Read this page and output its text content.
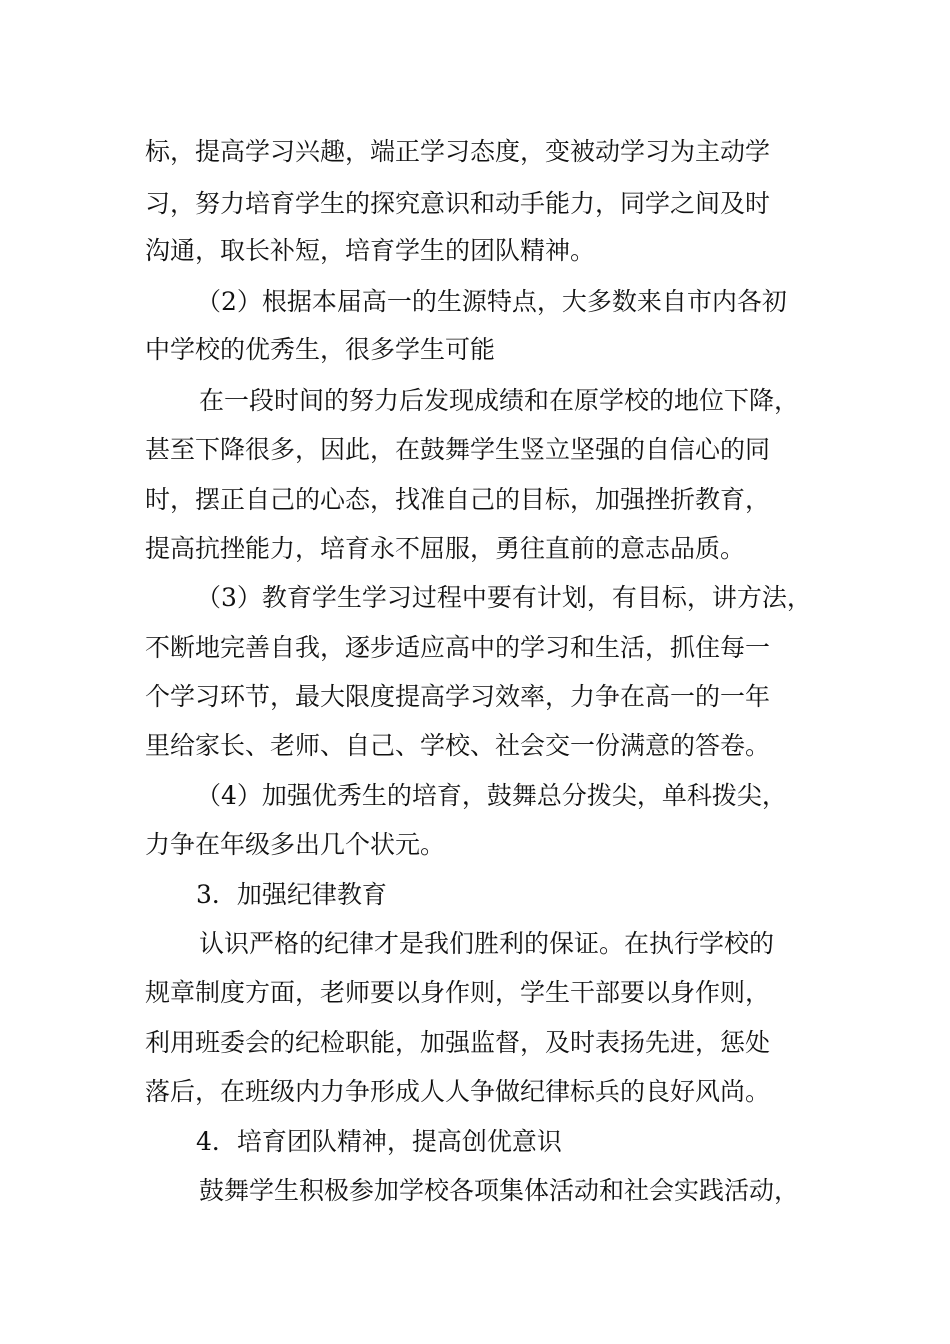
标，提高学习兴趣，端正学习态度，变被动学习为主动学
习，努力培育学生的探究意识和动手能力，同学之间及时
沟通，取长补短，培育学生的团队精神。
（2）根据本届高一的生源特点，大多数来自市内各初
中学校的优秀生，很多学生可能
在一段时间的努力后发现成绩和在原学校的地位下降，
甚至下降很多，因此，在鼓舞学生竖立坚强的自信心的同
时，摆正自己的心态，找准自己的目标，加强挫折教育，
提高抗挫能力，培育永不屈服，勇往直前的意志品质。
（3）教育学生学习过程中要有计划，有目标，讲方法，
不断地完善自我，逐步适应高中的学习和生活，抓住每一
个学习环节，最大限度提高学习效率，力争在高一的一年
里给家长、老师、自己、学校、社会交一份满意的答卷。
（4）加强优秀生的培育，鼓舞总分拨尖，单科拨尖，
力争在年级多出几个状元。
3．加强纪律教育
认识严格的纪律才是我们胜利的保证。在执行学校的
规章制度方面，老师要以身作则，学生干部要以身作则，
利用班委会的纪检职能，加强监督，及时表扬先进，惩处
落后，在班级内力争形成人人争做纪律标兵的良好风尚。
4．培育团队精神，提高创优意识
鼓舞学生积极参加学校各项集体活动和社会实践活动，
